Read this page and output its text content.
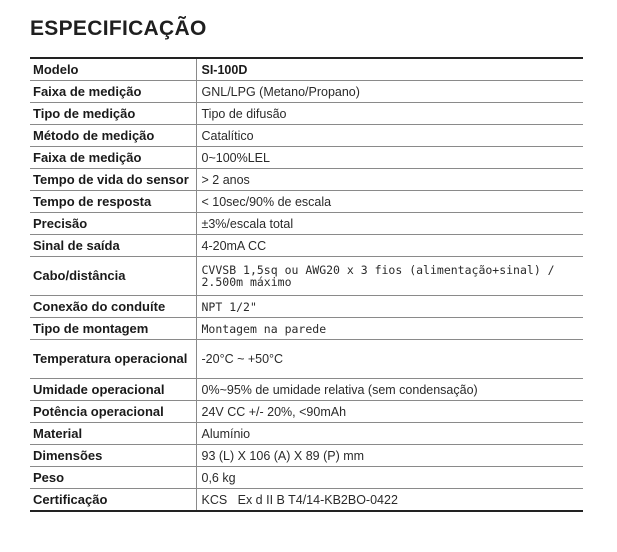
ESPECIFICAÇÃO
Modelo	SI-100D
Faixa de medição	GNL/LPG (Metano/Propano)
Tipo de medição	Tipo de difusão
Método de medição	Catalítico
Faixa de medição	0~100%LEL
Tempo de vida do sensor	> 2 anos
Tempo de resposta	< 10sec/90% de escala
Precisão	±3%/escala total
Sinal de saída	4-20mA CC
Cabo/distância	CVVSB 1,5sq ou AWG20 x 3 fios (alimentação+sinal) / 2.500m máximo
Conexão do conduíte	NPT 1/2"
Tipo de montagem	Montagem na parede
Temperatura operacional	-20°C ~ +50°C
Umidade operacional	0%~95% de umidade relativa (sem condensação)
Potência operacional	24V CC +/- 20%, <90mAh
Material	Alumínio
Dimensões	93 (L) X 106 (A) X 89 (P) mm
Peso	0,6 kg
Certificação	KCS   Ex d II B T4/14-KB2BO-0422
